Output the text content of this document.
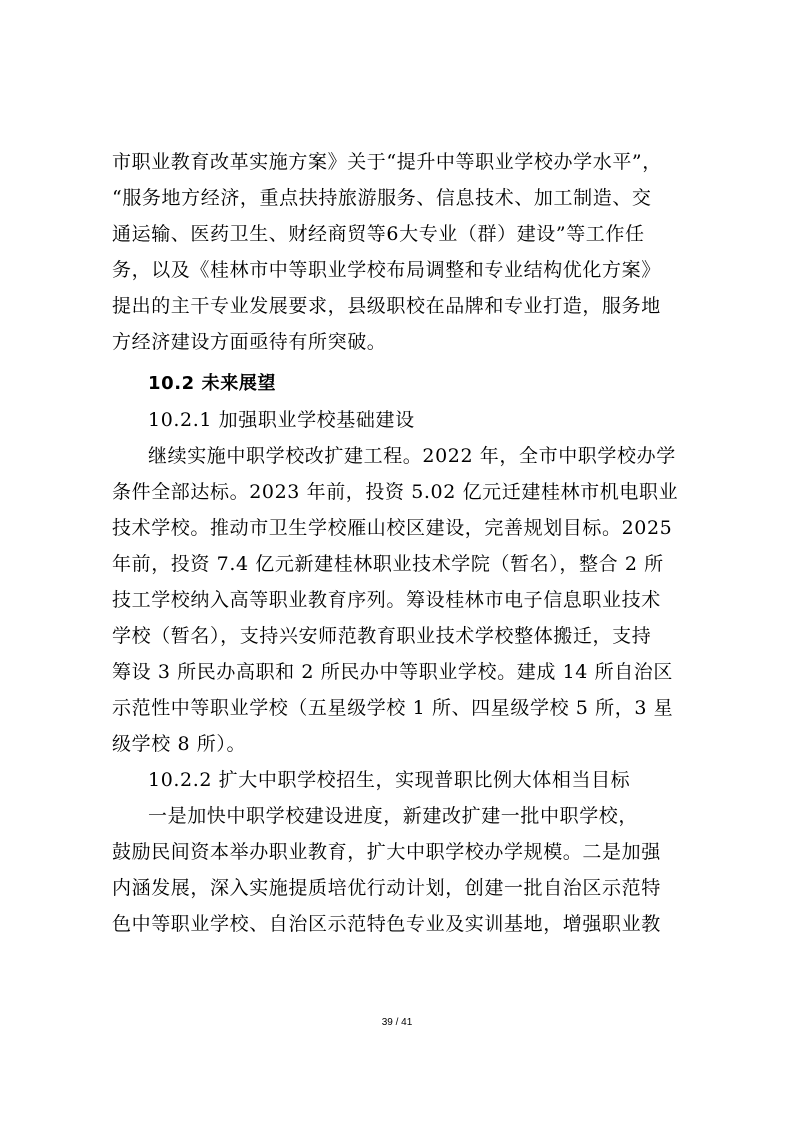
市职业教育改革实施方案》关于“提升中等职业学校办学水平”，
“服务地方经济，重点扶持旅游服务、信息技术、加工制造、交
通运输、医药卫生、财经商贸等6大专业（群）建设”等工作任
务，以及《桂林市中等职业学校布局调整和专业结构优化方案》
提出的主干专业发展要求，县级职校在品牌和专业打造，服务地
方经济建设方面亟待有所突破。
10.2 未来展望
10.2.1 加强职业学校基础建设
继续实施中职学校改扩建工程。2022 年，全市中职学校办学
条件全部达标。2023 年前，投资 5.02 亿元迁建桂林市机电职业
技术学校。推动市卫生学校雁山校区建设，完善规划目标。2025
年前，投资 7.4 亿元新建桂林职业技术学院（暂名），整合 2 所
技工学校纳入高等职业教育序列。筹设桂林市电子信息职业技术
学校（暂名），支持兴安师范教育职业技术学校整体搬迁，支持
筹设 3 所民办高职和 2 所民办中等职业学校。建成 14 所自治区
示范性中等职业学校（五星级学校 1 所、四星级学校 5 所，3 星
级学校 8 所）。
10.2.2 扩大中职学校招生，实现普职比例大体相当目标
一是加快中职学校建设进度，新建改扩建一批中职学校，
鼓励民间资本举办职业教育，扩大中职学校办学规模。二是加强
内涵发展，深入实施提质培优行动计划，创建一批自治区示范特
色中等职业学校、自治区示范特色专业及实训基地，增强职业教
39 / 41
